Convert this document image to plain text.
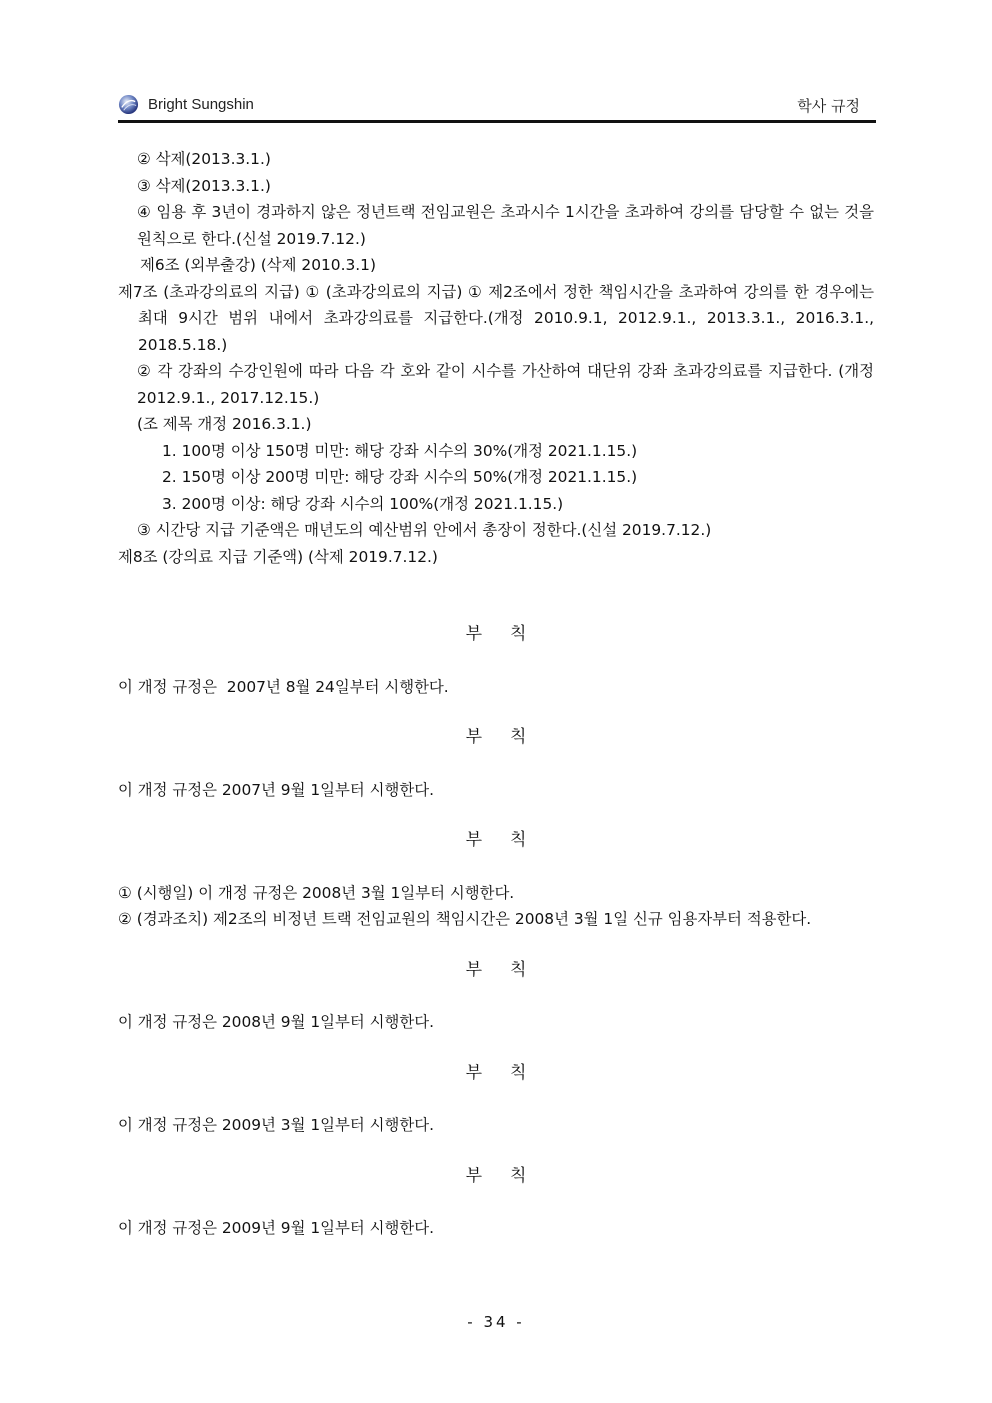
Bright Sungshin	학사 규정

② 삭제(2013.3.1.)

③ 삭제(2013.3.1.)

④ 임용 후 3년이 경과하지 않은 정년트랙 전임교원은 초과시수 1시간을 초과하여 강의를 담당할 수 없는 것을 원칙으로 한다.(신설 2019.7.12.)

제6조 (외부출강) (삭제 2010.3.1)

제7조 (초과강의료의 지급) ① (초과강의료의 지급) ① 제2조에서 정한 책임시간을 초과하여 강의를 한 경우에는 최대 9시간 범위 내에서 초과강의료를 지급한다.(개정 2010.9.1, 2012.9.1., 2013.3.1., 2016.3.1., 2018.5.18.)

② 각 강좌의 수강인원에 따라 다음 각 호와 같이 시수를 가산하여 대단위 강좌 초과강의료를 지급한다. (개정 2012.9.1., 2017.12.15.)

(조 제목 개정 2016.3.1.)

1. 100명 이상 150명 미만: 해당 강좌 시수의 30%(개정 2021.1.15.)

2. 150명 이상 200명 미만: 해당 강좌 시수의 50%(개정 2021.1.15.)

3. 200명 이상: 해당 강좌 시수의 100%(개정 2021.1.15.)

③ 시간당 지급 기준액은 매년도의 예산범위 안에서 총장이 정한다.(신설 2019.7.12.)

제8조 (강의료 지급 기준액) (삭제 2019.7.12.)

부칙

이 개정 규정은  2007년 8월 24일부터 시행한다.

부칙

이 개정 규정은 2007년 9월 1일부터 시행한다.

부칙

① (시행일) 이 개정 규정은 2008년 3월 1일부터 시행한다.

② (경과조치) 제2조의 비정년 트랙 전임교원의 책임시간은 2008년 3월 1일 신규 임용자부터 적용한다.

부칙

이 개정 규정은 2008년 9월 1일부터 시행한다.

부칙

이 개정 규정은 2009년 3월 1일부터 시행한다.

부칙

이 개정 규정은 2009년 9월 1일부터 시행한다.

- 34 -
